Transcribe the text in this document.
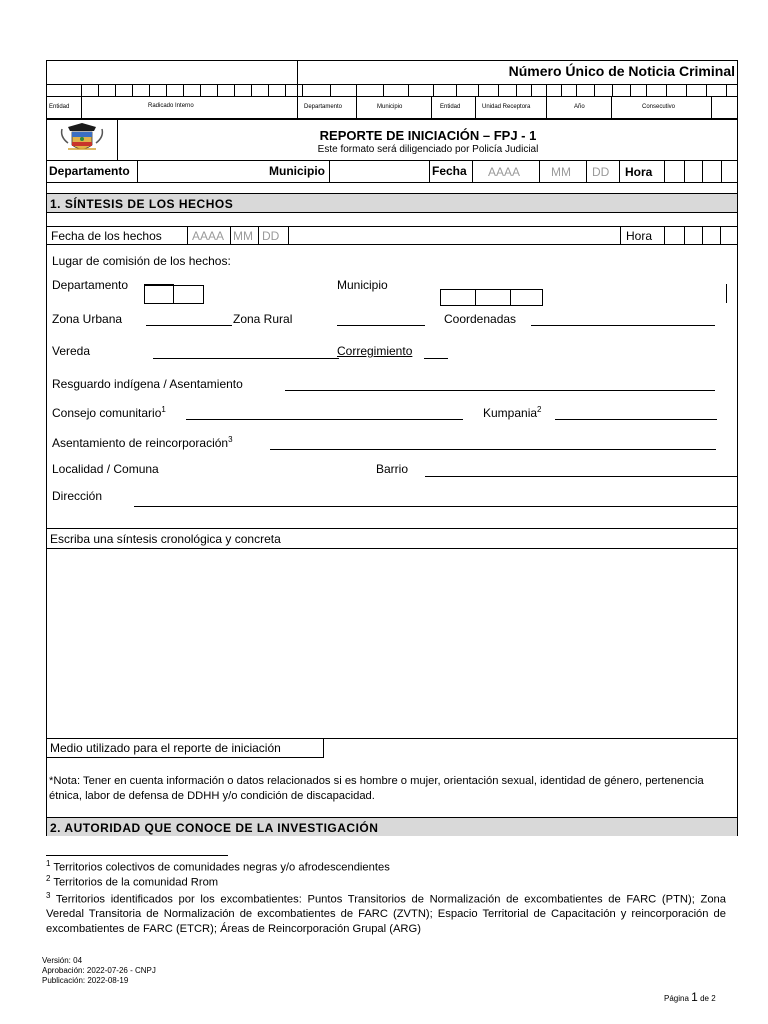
Número Único de Noticia Criminal
Entidad	Radicado Interno	Departamento	Municipio	Entidad	Unidad Receptora	Año	Consecutivo
REPORTE DE INICIACIÓN – FPJ - 1
Este formato será diligenciado por Policía Judicial
Departamento	Municipio	Fecha AAAA	MM DD Hora
1. SÍNTESIS DE LOS HECHOS
Fecha de los hechos	AAAA MM DD	Hora
Lugar de comisión de los hechos:
Departamento	Municipio
Zona Urbana	Zona Rural	Coordenadas
Vereda	Corregimiento
Resguardo indígena / Asentamiento
Consejo comunitario$^1$	Kumpania$^2$
Asentamiento de reincorporación$^3$
Localidad / Comuna	Barrio
Dirección
Escriba una síntesis cronológica y concreta
Medio utilizado para el reporte de iniciación
*Nota: Tener en cuenta información o datos relacionados si es hombre o mujer, orientación sexual, identidad de género, pertenencia étnica, labor de defensa de DDHH y/o condición de discapacidad.
2. AUTORIDAD QUE CONOCE DE LA INVESTIGACIÓN
$^1$ Territorios colectivos de comunidades negras y/o afrodescendientes
$^2$ Territorios de la comunidad Rrom
$^3$ Territorios identificados por los excombatientes: Puntos Transitorios de Normalización de excombatientes de FARC (PTN); Zona Veredal Transitoria de Normalización de excombatientes de FARC (ZVTN); Espacio Territorial de Capacitación y reincorporación de excombatientes de FARC (ETCR); Áreas de Reincorporación Grupal (ARG)
Versión: 04
Aprobación: 2022-07-26 - CNPJ
Publicación: 2022-08-19
Página 1 de 2
